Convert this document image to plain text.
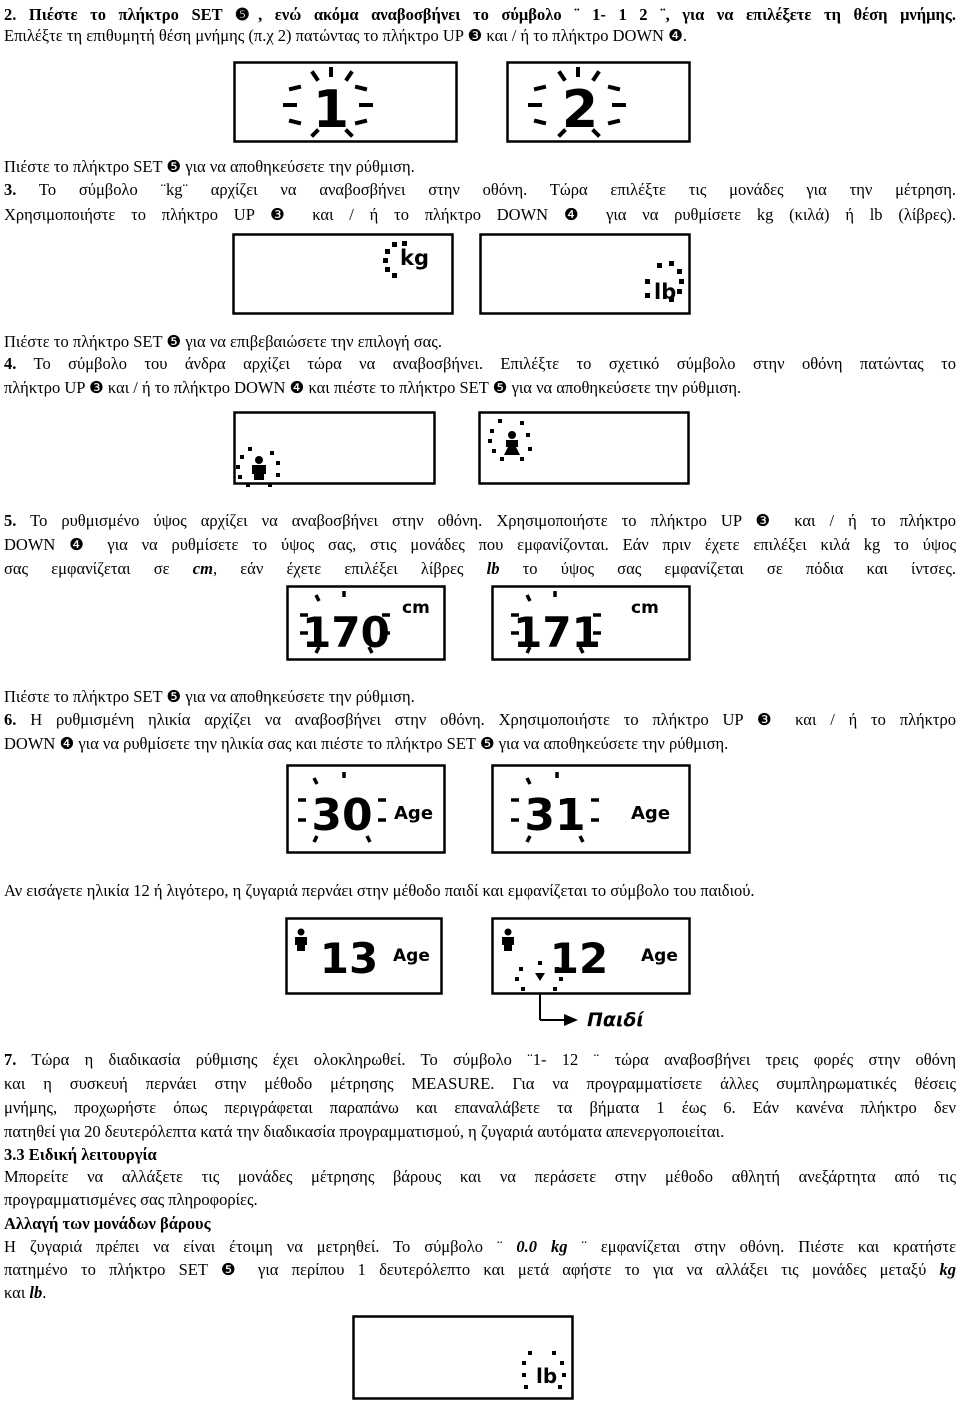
2. Πιέστε το πλήκτρο SET ❺, ενώ ακόμα αναβοσβήνει το σύμβολο ¨ 1- 1 2 ¨, για να επιλέξετε τη θέση μνήμης.
Επιλέξτε τη επιθυμητή θέση μνήμης (π.χ 2) πατώντας το πλήκτρο UP ❸ και / ή το πλήκτρο DOWN ❹.
1	2
Πιέστε το πλήκτρο SET ❺ για να αποθηκεύσετε την ρύθμιση.
3. Το σύμβολο ¨kg¨ αρχίζει να αναβοσβήνει στην οθόνη. Τώρα επιλέξτε τις μονάδες για την μέτρηση.
Χρησιμοποιήστε το πλήκτρο UP ❸ και / ή το πλήκτρο DOWN ❹ για να ρυθμίσετε kg (κιλά) ή lb (λίβρες).
kg
lb
Πιέστε το πλήκτρο SET ❺ για να επιβεβαιώσετε την επιλογή σας.
4. Το σύμβολο του άνδρα αρχίζει τώρα να αναβοσβήνει. Επιλέξτε το σχετικό σύμβολο στην οθόνη πατώντας το
πλήκτρο UP ❸ και / ή το πλήκτρο DOWN ❹ και πιέστε το πλήκτρο SET ❺ για να αποθηκεύσετε την ρύθμιση.
5. Το ρυθμισμένο ύψος αρχίζει να αναβοσβήνει στην οθόνη. Χρησιμοποιήστε το πλήκτρο UP ❸ και / ή το πλήκτρο
DOWN ❹ για να ρυθμίσετε το ύψος σας, στις μονάδες που εμφανίζονται. Εάν πριν έχετε επιλέξει κιλά kg το ύψος
σας εμφανίζεται σε cm, εάν έχετε επιλέξει λίβρες lb το ύψος σας εμφανίζεται σε πόδια και ίντσες.
170 cm 171 cm
Πιέστε το πλήκτρο SET ❺ για να αποθηκεύσετε την ρύθμιση.
6. Η ρυθμισμένη ηλικία αρχίζει να αναβοσβήνει στην οθόνη. Χρησιμοποιήστε το πλήκτρο UP ❸ και / ή το πλήκτρο
DOWN ❹ για να ρυθμίσετε την ηλικία σας και πιέστε το πλήκτρο SET ❺ για να αποθηκεύσετε την ρύθμιση.
30 Age 31	Age
Αν εισάγετε ηλικία 12 ή λιγότερο, η ζυγαριά περνάει στην μέθοδο παιδί και εμφανίζεται το σύμβολο του παιδιού.
13 Age	12 Age
Παιδί
7. Τώρα η διαδικασία ρύθμισης έχει ολοκληρωθεί. Το σύμβολο ¨1- 12 ¨ τώρα αναβοσβήνει τρεις φορές στην οθόνη
και η συσκευή περνάει στην μέθοδο μέτρησης MEASURE. Για να προγραμματίσετε άλλες συμπληρωματικές θέσεις
μνήμης, προχωρήστε όπως περιγράφεται παραπάνω και επαναλάβετε τα βήματα 1 έως 6. Εάν κανένα πλήκτρο δεν
πατηθεί για 20 δευτερόλεπτα κατά την διαδικασία προγραμματισμού, η ζυγαριά αυτόματα απενεργοποιείται.
3.3 Ειδική λειτουργία
Μπορείτε να αλλάξετε τις μονάδες μέτρησης βάρους και να περάσετε στην μέθοδο αθλητή ανεξάρτητα από τις
προγραμματισμένες σας πληροφορίες.
Αλλαγή των μονάδων βάρους
Η ζυγαριά πρέπει να είναι έτοιμη να μετρηθεί. Το σύμβολο ¨ 0.0 kg ¨ εμφανίζεται στην οθόνη. Πιέστε και κρατήστε
πατημένο το πλήκτρο SET ❺ για περίπου 1 δευτερόλεπτο και μετά αφήστε το για να αλλάξει τις μονάδες μεταξύ kg
και lb.
lb
